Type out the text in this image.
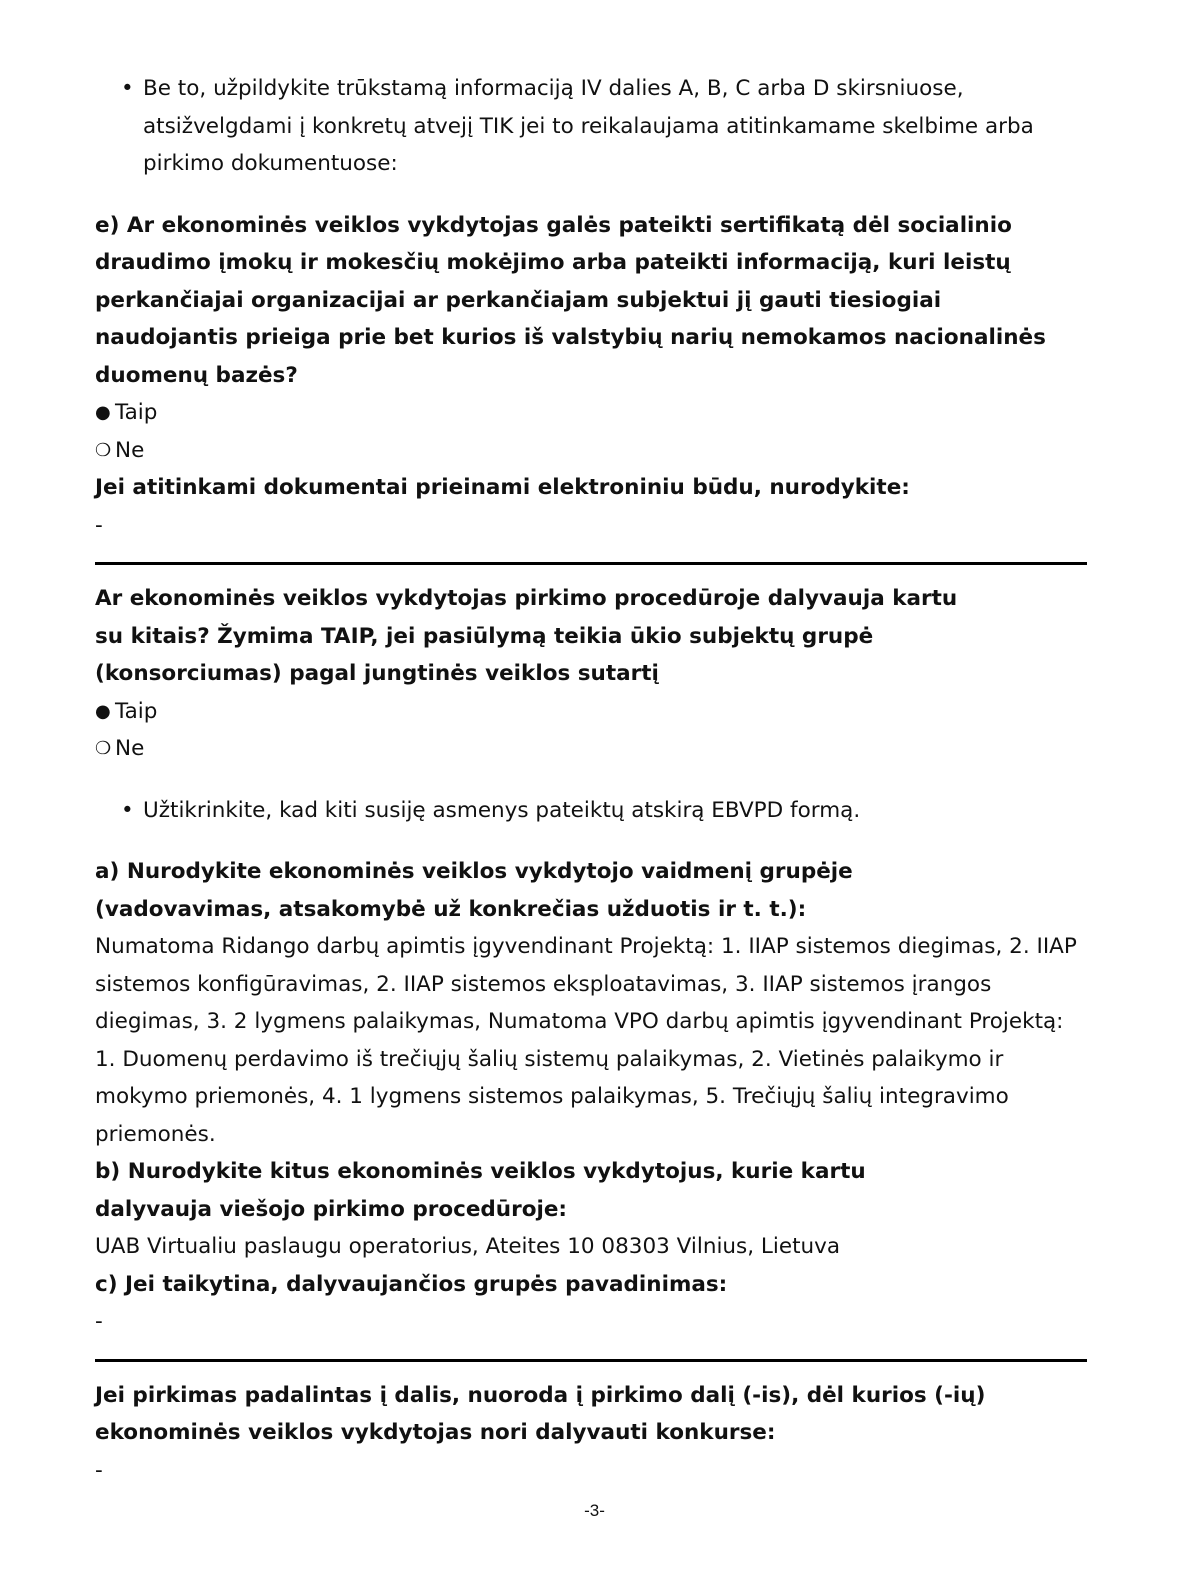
• Be to, užpildykite trūkstamą informaciją IV dalies A, B, C arba D skirsniuose, atsižvelgdami į konkretų atvejį TIK jei to reikalaujama atitinkamame skelbime arba pirkimo dokumentuose:
e) Ar ekonominės veiklos vykdytojas galės pateikti sertifikatą dėl socialinio draudimo įmokų ir mokesčių mokėjimo arba pateikti informaciją, kuri leistų perkančiajai organizacijai ar perkančiajam subjektui jį gauti tiesiogiai naudojantis prieiga prie bet kurios iš valstybių narių nemokamos nacionalinės duomenų bazės?
● Taip
❍ Ne
Jei atitinkami dokumentai prieinami elektroniniu būdu, nurodykite:
-
Ar ekonominės veiklos vykdytojas pirkimo procedūroje dalyvauja kartu su kitais? Žymima TAIP, jei pasiūlymą teikia ūkio subjektų grupė (konsorciumas) pagal jungtinės veiklos sutartį
● Taip
❍ Ne
• Užtikrinkite, kad kiti susiję asmenys pateiktų atskirą EBVPD formą.
a) Nurodykite ekonominės veiklos vykdytojo vaidmenį grupėje (vadovavimas, atsakomybė už konkrečias užduotis ir t. t.):
Numatoma Ridango darbų apimtis įgyvendinant Projektą: 1. IIAP sistemos diegimas, 2. IIAP sistemos konfigūravimas, 2. IIAP sistemos eksploatavimas, 3. IIAP sistemos įrangos diegimas, 3. 2 lygmens palaikymas, Numatoma VPO darbų apimtis įgyvendinant Projektą: 1. Duomenų perdavimo iš trečiųjų šalių sistemų palaikymas, 2. Vietinės palaikymo ir mokymo priemonės, 4. 1 lygmens sistemos palaikymas, 5. Trečiųjų šalių integravimo priemonės.
b) Nurodykite kitus ekonominės veiklos vykdytojus, kurie kartu dalyvauja viešojo pirkimo procedūroje:
UAB Virtualiu paslaugu operatorius, Ateites 10 08303 Vilnius, Lietuva
c) Jei taikytina, dalyvaujančios grupės pavadinimas:
-
Jei pirkimas padalintas į dalis, nuoroda į pirkimo dalį (-is), dėl kurios (-ių) ekonominės veiklos vykdytojas nori dalyvauti konkurse:
-
-3-
